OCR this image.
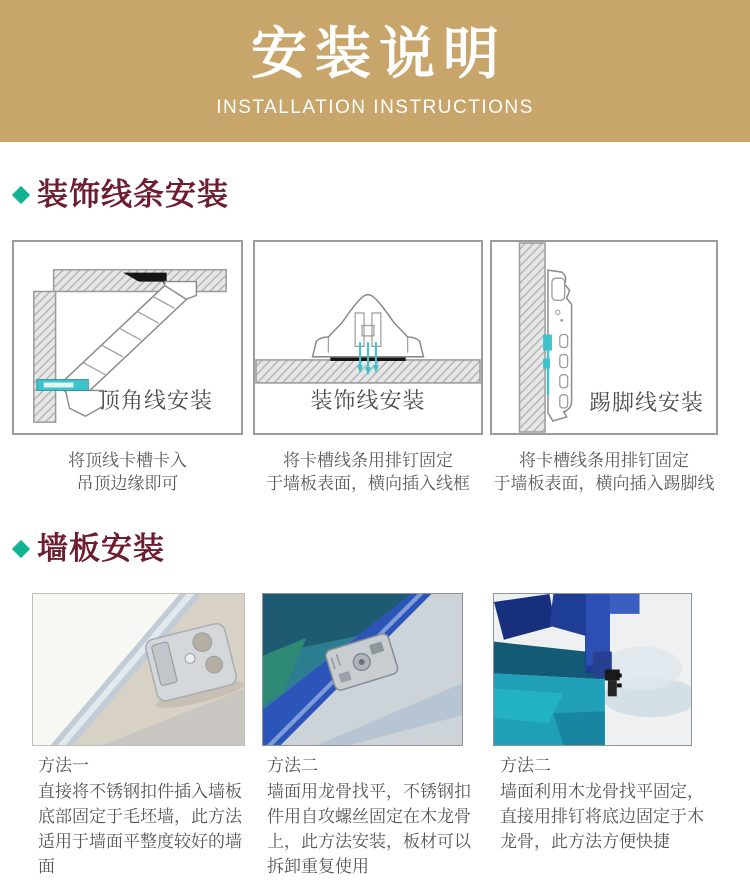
安装说明
INSTALLATION INSTRUCTIONS
装饰线条安装
顶角线安装	装饰线安装	踢脚线安装
将顶线卡槽卡入
吊顶边缘即可
将卡槽线条用排钉固定
于墙板表面，横向插入线框
将卡槽线条用排钉固定
于墙板表面，横向插入踢脚线
墙板安装
方法一
直接将不锈钢扣件插入墙板底部固定于毛坯墙，此方法适用于墙面平整度较好的墙面
方法二
墙面用龙骨找平，不锈钢扣件用自攻螺丝固定在木龙骨上，此方法安装，板材可以拆卸重复使用
方法二
墙面利用木龙骨找平固定，直接用排钉将底边固定于木龙骨，此方法方便快捷
